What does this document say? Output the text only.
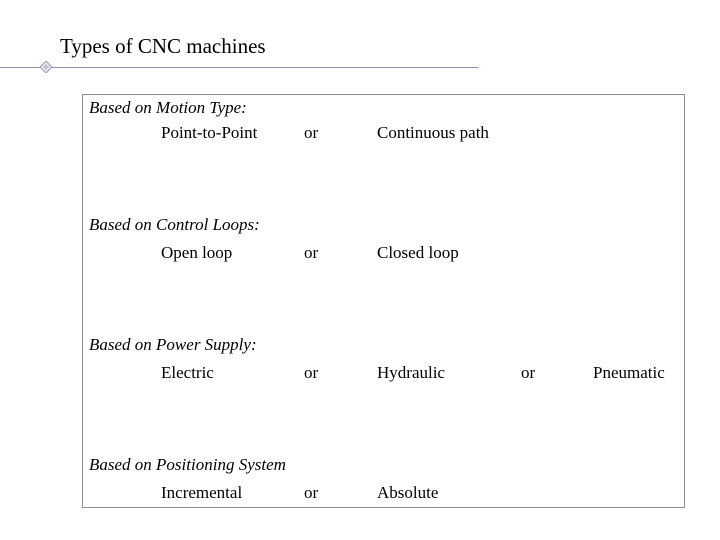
Types of CNC machines
Based on Motion Type:
Point-to-Point	or	Continuous path
Based on Control Loops:
Open loop	or	Closed loop
Based on Power Supply:
Electric	or	Hydraulic	or	Pneumatic
Based on Positioning System
Incremental	or	Absolute
